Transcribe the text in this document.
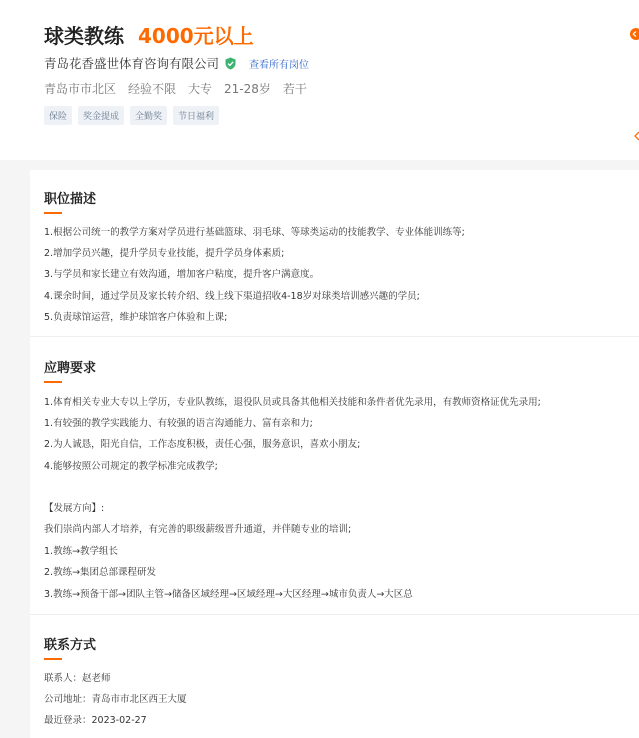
球类教练 4000元以上
青岛花香盛世体育咨询有限公司	查看所有岗位
青岛市市北区 经验不限 大专 21-28岁 若干
保险	奖金提成	全勤奖	节日福利
职位描述
1.根据公司统一的教学方案对学员进行基础篮球、羽毛球、等球类运动的技能教学、专业体能训练等;
2.增加学员兴趣，提升学员专业技能，提升学员身体素质;
3.与学员和家长建立有效沟通，增加客户粘度，提升客户满意度。
4.课余时间，通过学员及家长转介绍、线上线下渠道招收4-18岁对球类培训感兴趣的学员;
5.负责球馆运营，维护球馆客户体验和上课;
应聘要求
1.体育相关专业大专以上学历，专业队教练，退役队员或具备其他相关技能和条件者优先录用，有教师资格证优先录用;
1.有较强的教学实践能力、有较强的语言沟通能力、富有亲和力;
2.为人诚恳，阳光自信，工作态度积极，责任心强，服务意识，喜欢小朋友;
4.能够按照公司规定的教学标准完成教学;
【发展方向】:
我们崇尚内部人才培养，有完善的职级薪级晋升通道，并伴随专业的培训;
1.教练→教学组长
2.教练→集团总部课程研发
3.教练→预备干部→团队主管→储备区域经理→区域经理→大区经理→城市负责人→大区总
联系方式
联系人：赵老师
公司地址：青岛市市北区西王大厦
最近登录：2023-02-27
